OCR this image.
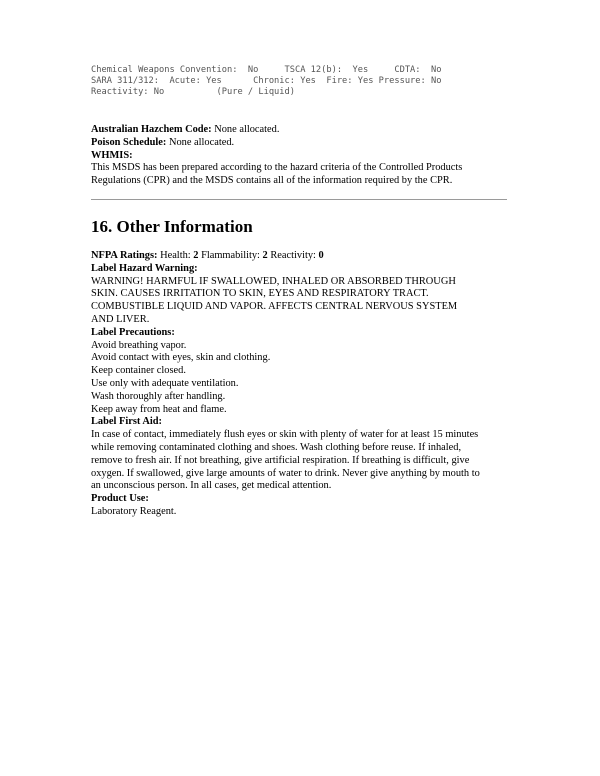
Chemical Weapons Convention:  No     TSCA 12(b):  Yes     CDTA:  No
SARA 311/312:  Acute: Yes      Chronic: Yes  Fire: Yes Pressure: No
Reactivity: No          (Pure / Liquid)
Australian Hazchem Code: None allocated.
Poison Schedule: None allocated.
WHMIS:
This MSDS has been prepared according to the hazard criteria of the Controlled Products
Regulations (CPR) and the MSDS contains all of the information required by the CPR.
16. Other Information
NFPA Ratings: Health: 2 Flammability: 2 Reactivity: 0
Label Hazard Warning:
WARNING! HARMFUL IF SWALLOWED, INHALED OR ABSORBED THROUGH
SKIN. CAUSES IRRITATION TO SKIN, EYES AND RESPIRATORY TRACT.
COMBUSTIBLE LIQUID AND VAPOR. AFFECTS CENTRAL NERVOUS SYSTEM
AND LIVER.
Label Precautions:
Avoid breathing vapor.
Avoid contact with eyes, skin and clothing.
Keep container closed.
Use only with adequate ventilation.
Wash thoroughly after handling.
Keep away from heat and flame.
Label First Aid:
In case of contact, immediately flush eyes or skin with plenty of water for at least 15 minutes
while removing contaminated clothing and shoes. Wash clothing before reuse. If inhaled,
remove to fresh air. If not breathing, give artificial respiration. If breathing is difficult, give
oxygen. If swallowed, give large amounts of water to drink. Never give anything by mouth to
an unconscious person. In all cases, get medical attention.
Product Use:
Laboratory Reagent.
